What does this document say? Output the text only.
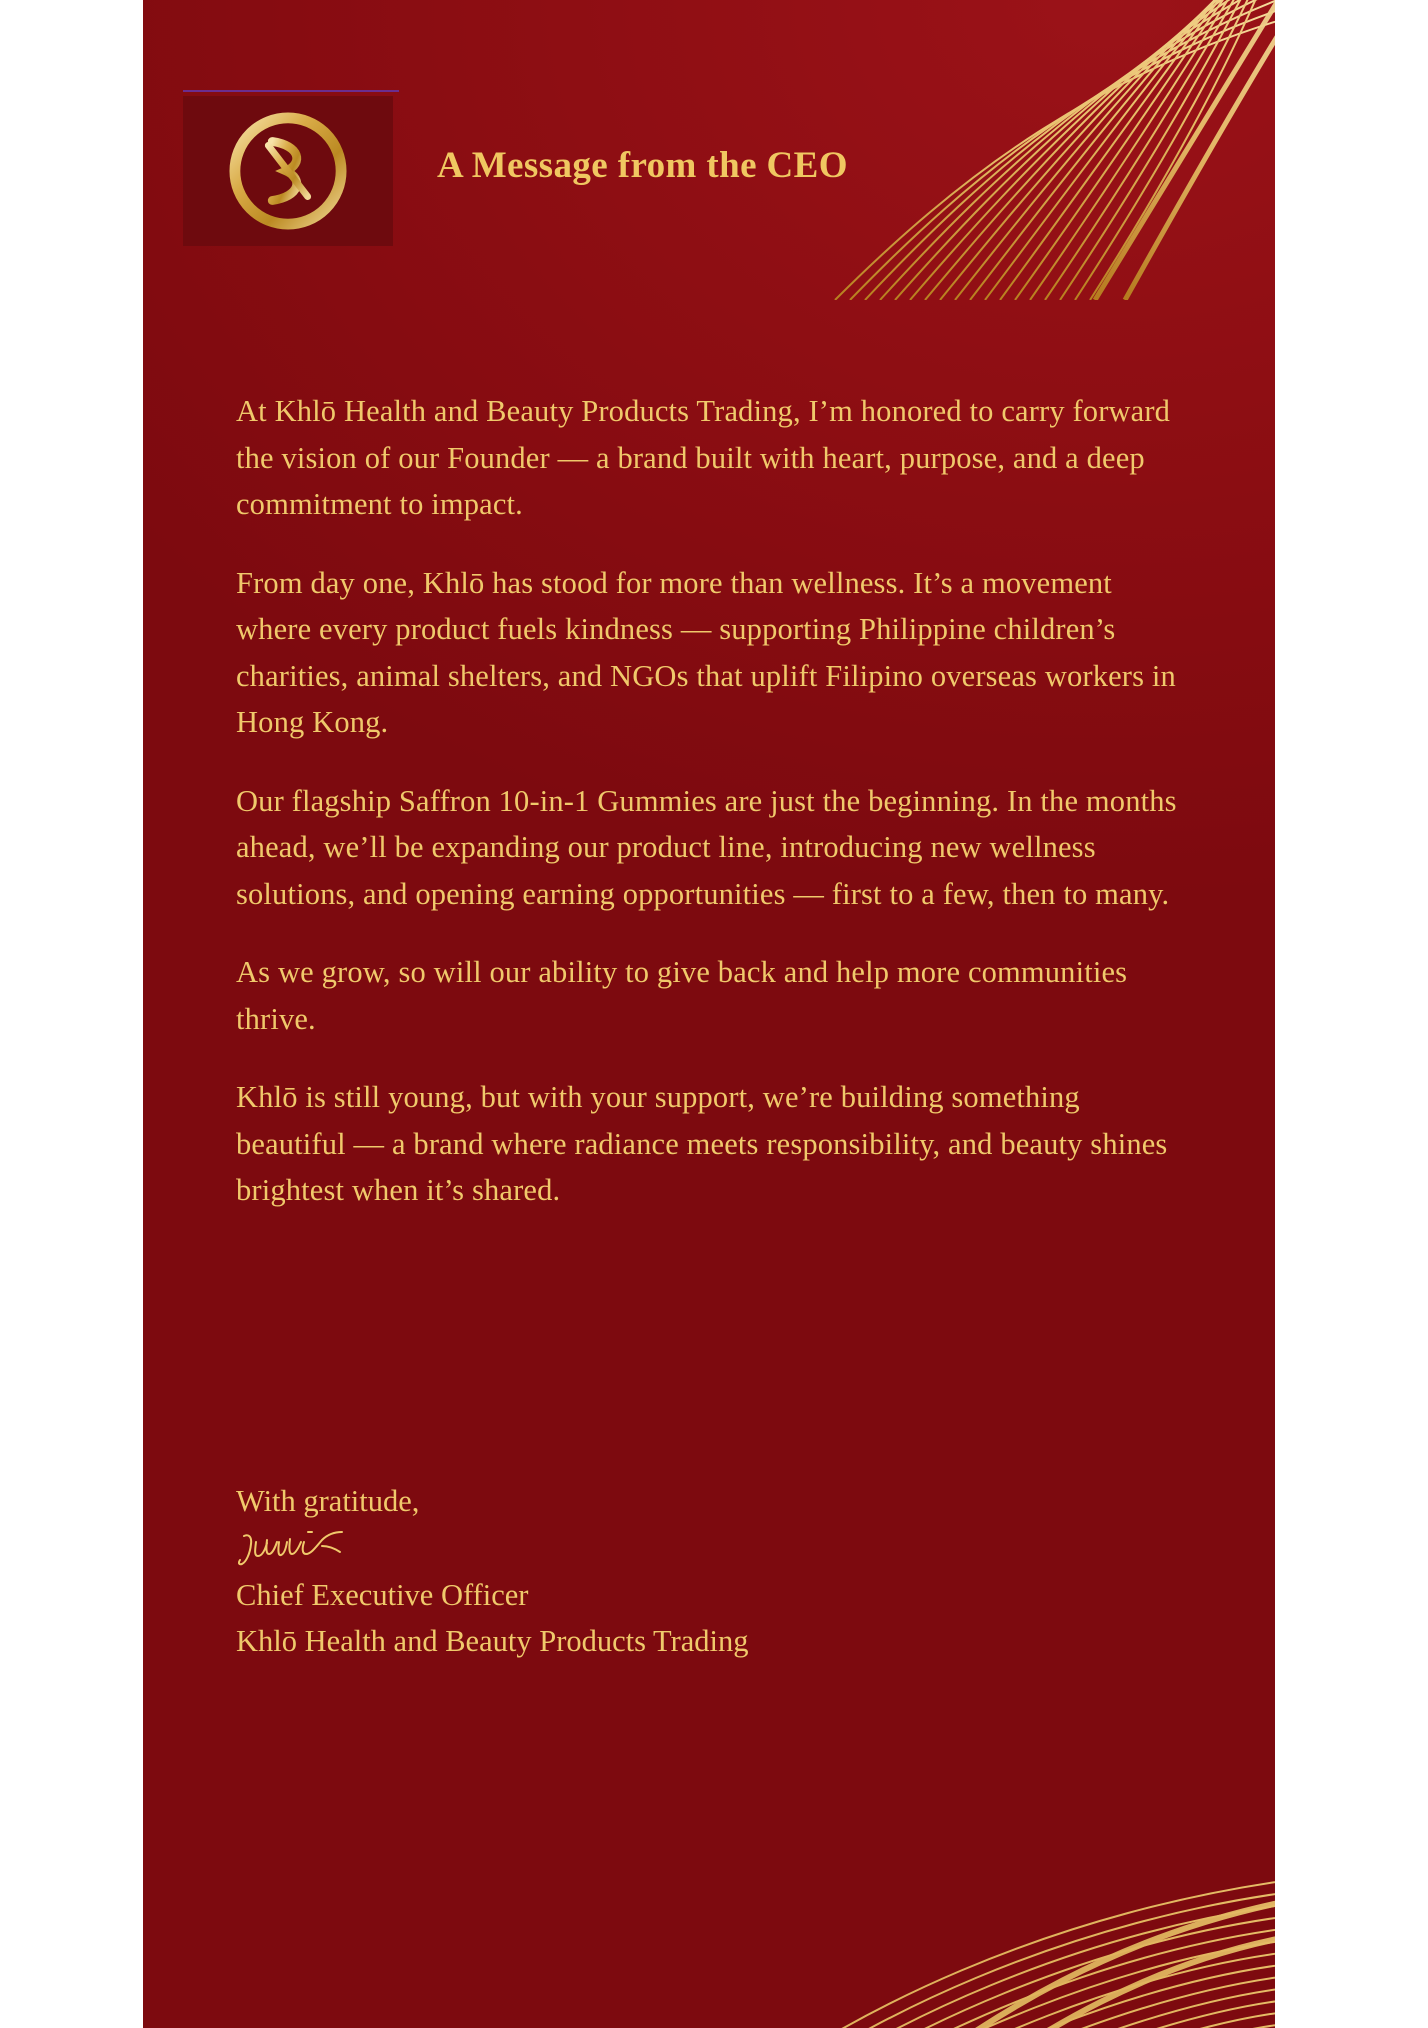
A Message from the CEO

At Khlō Health and Beauty Products Trading, I’m honored to carry forward the vision of our Founder — a brand built with heart, purpose, and a deep commitment to impact.

From day one, Khlō has stood for more than wellness. It’s a movement where every product fuels kindness — supporting Philippine children’s charities, animal shelters, and NGOs that uplift Filipino overseas workers in Hong Kong.

Our flagship Saffron 10-in-1 Gummies are just the beginning. In the months ahead, we’ll be expanding our product line, introducing new wellness solutions, and opening earning opportunities — first to a few, then to many.

As we grow, so will our ability to give back and help more communities thrive.

Khlō is still young, but with your support, we’re building something beautiful — a brand where radiance meets responsibility, and beauty shines brightest when it’s shared.

With gratitude,
Chief Executive Officer
Khlō Health and Beauty Products Trading
